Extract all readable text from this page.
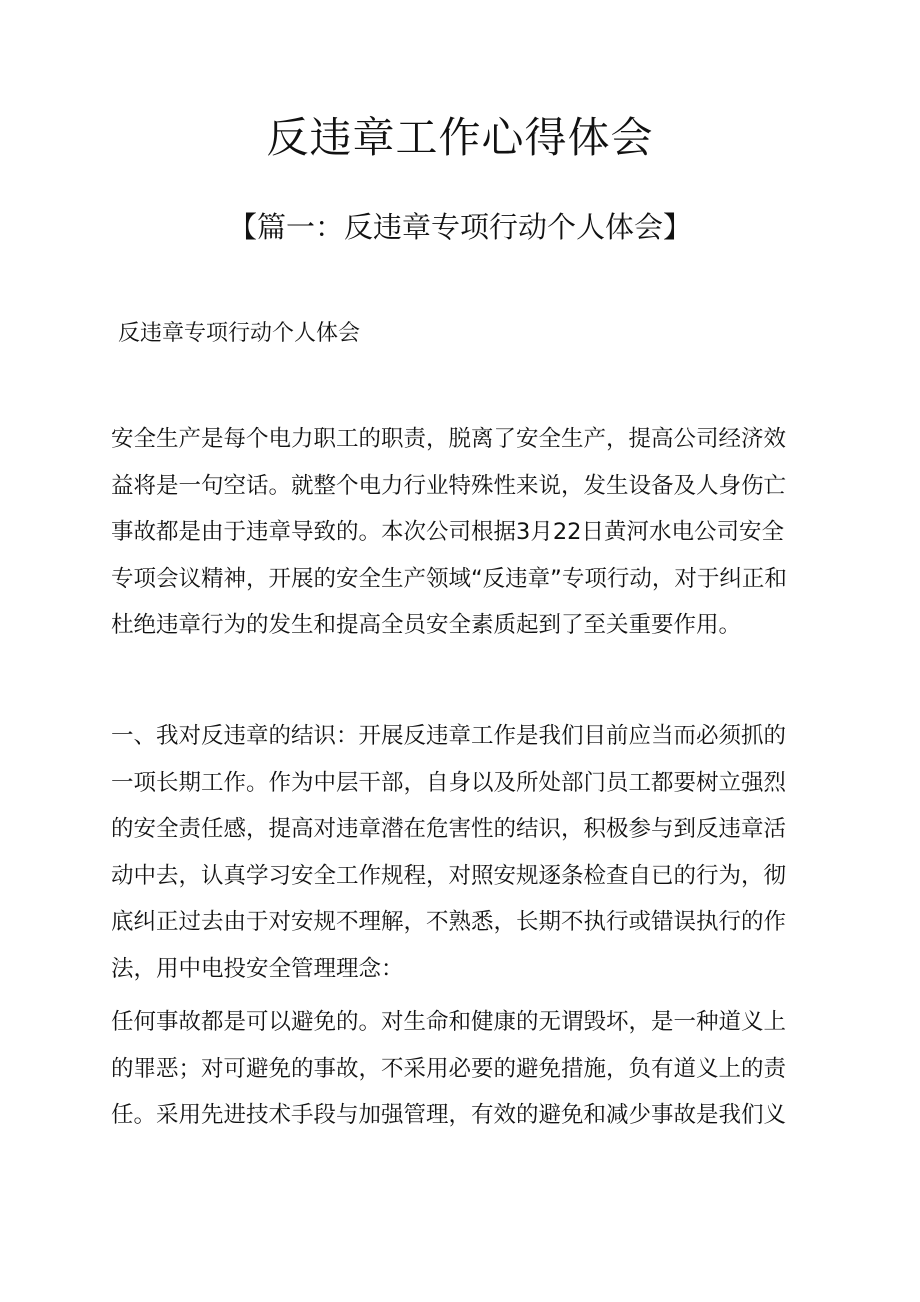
反违章工作心得体会
【篇一：反违章专项行动个人体会】
反违章专项行动个人体会

安全生产是每个电力职工的职责，脱离了安全生产，提高公司经济效
益将是一句空话。就整个电力行业特殊性来说，发生设备及人身伤亡
事故都是由于违章导致的。本次公司根据3月22日黄河水电公司安全
专项会议精神，开展的安全生产领域“反违章”专项行动，对于纠正和
杜绝违章行为的发生和提高全员安全素质起到了至关重要作用。

一、我对反违章的结识：开展反违章工作是我们目前应当而必须抓的
一项长期工作。作为中层干部，自身以及所处部门员工都要树立强烈
的安全责任感，提高对违章潜在危害性的结识，积极参与到反违章活
动中去，认真学习安全工作规程，对照安规逐条检查自已的行为，彻
底纠正过去由于对安规不理解，不熟悉，长期不执行或错误执行的作
法，用中电投安全管理理念：

任何事故都是可以避免的。对生命和健康的无谓毁坏，是一种道义上
的罪恶；对可避免的事故，不采用必要的避免措施，负有道义上的责
任。采用先进技术手段与加强管理，有效的避免和减少事故是我们义
